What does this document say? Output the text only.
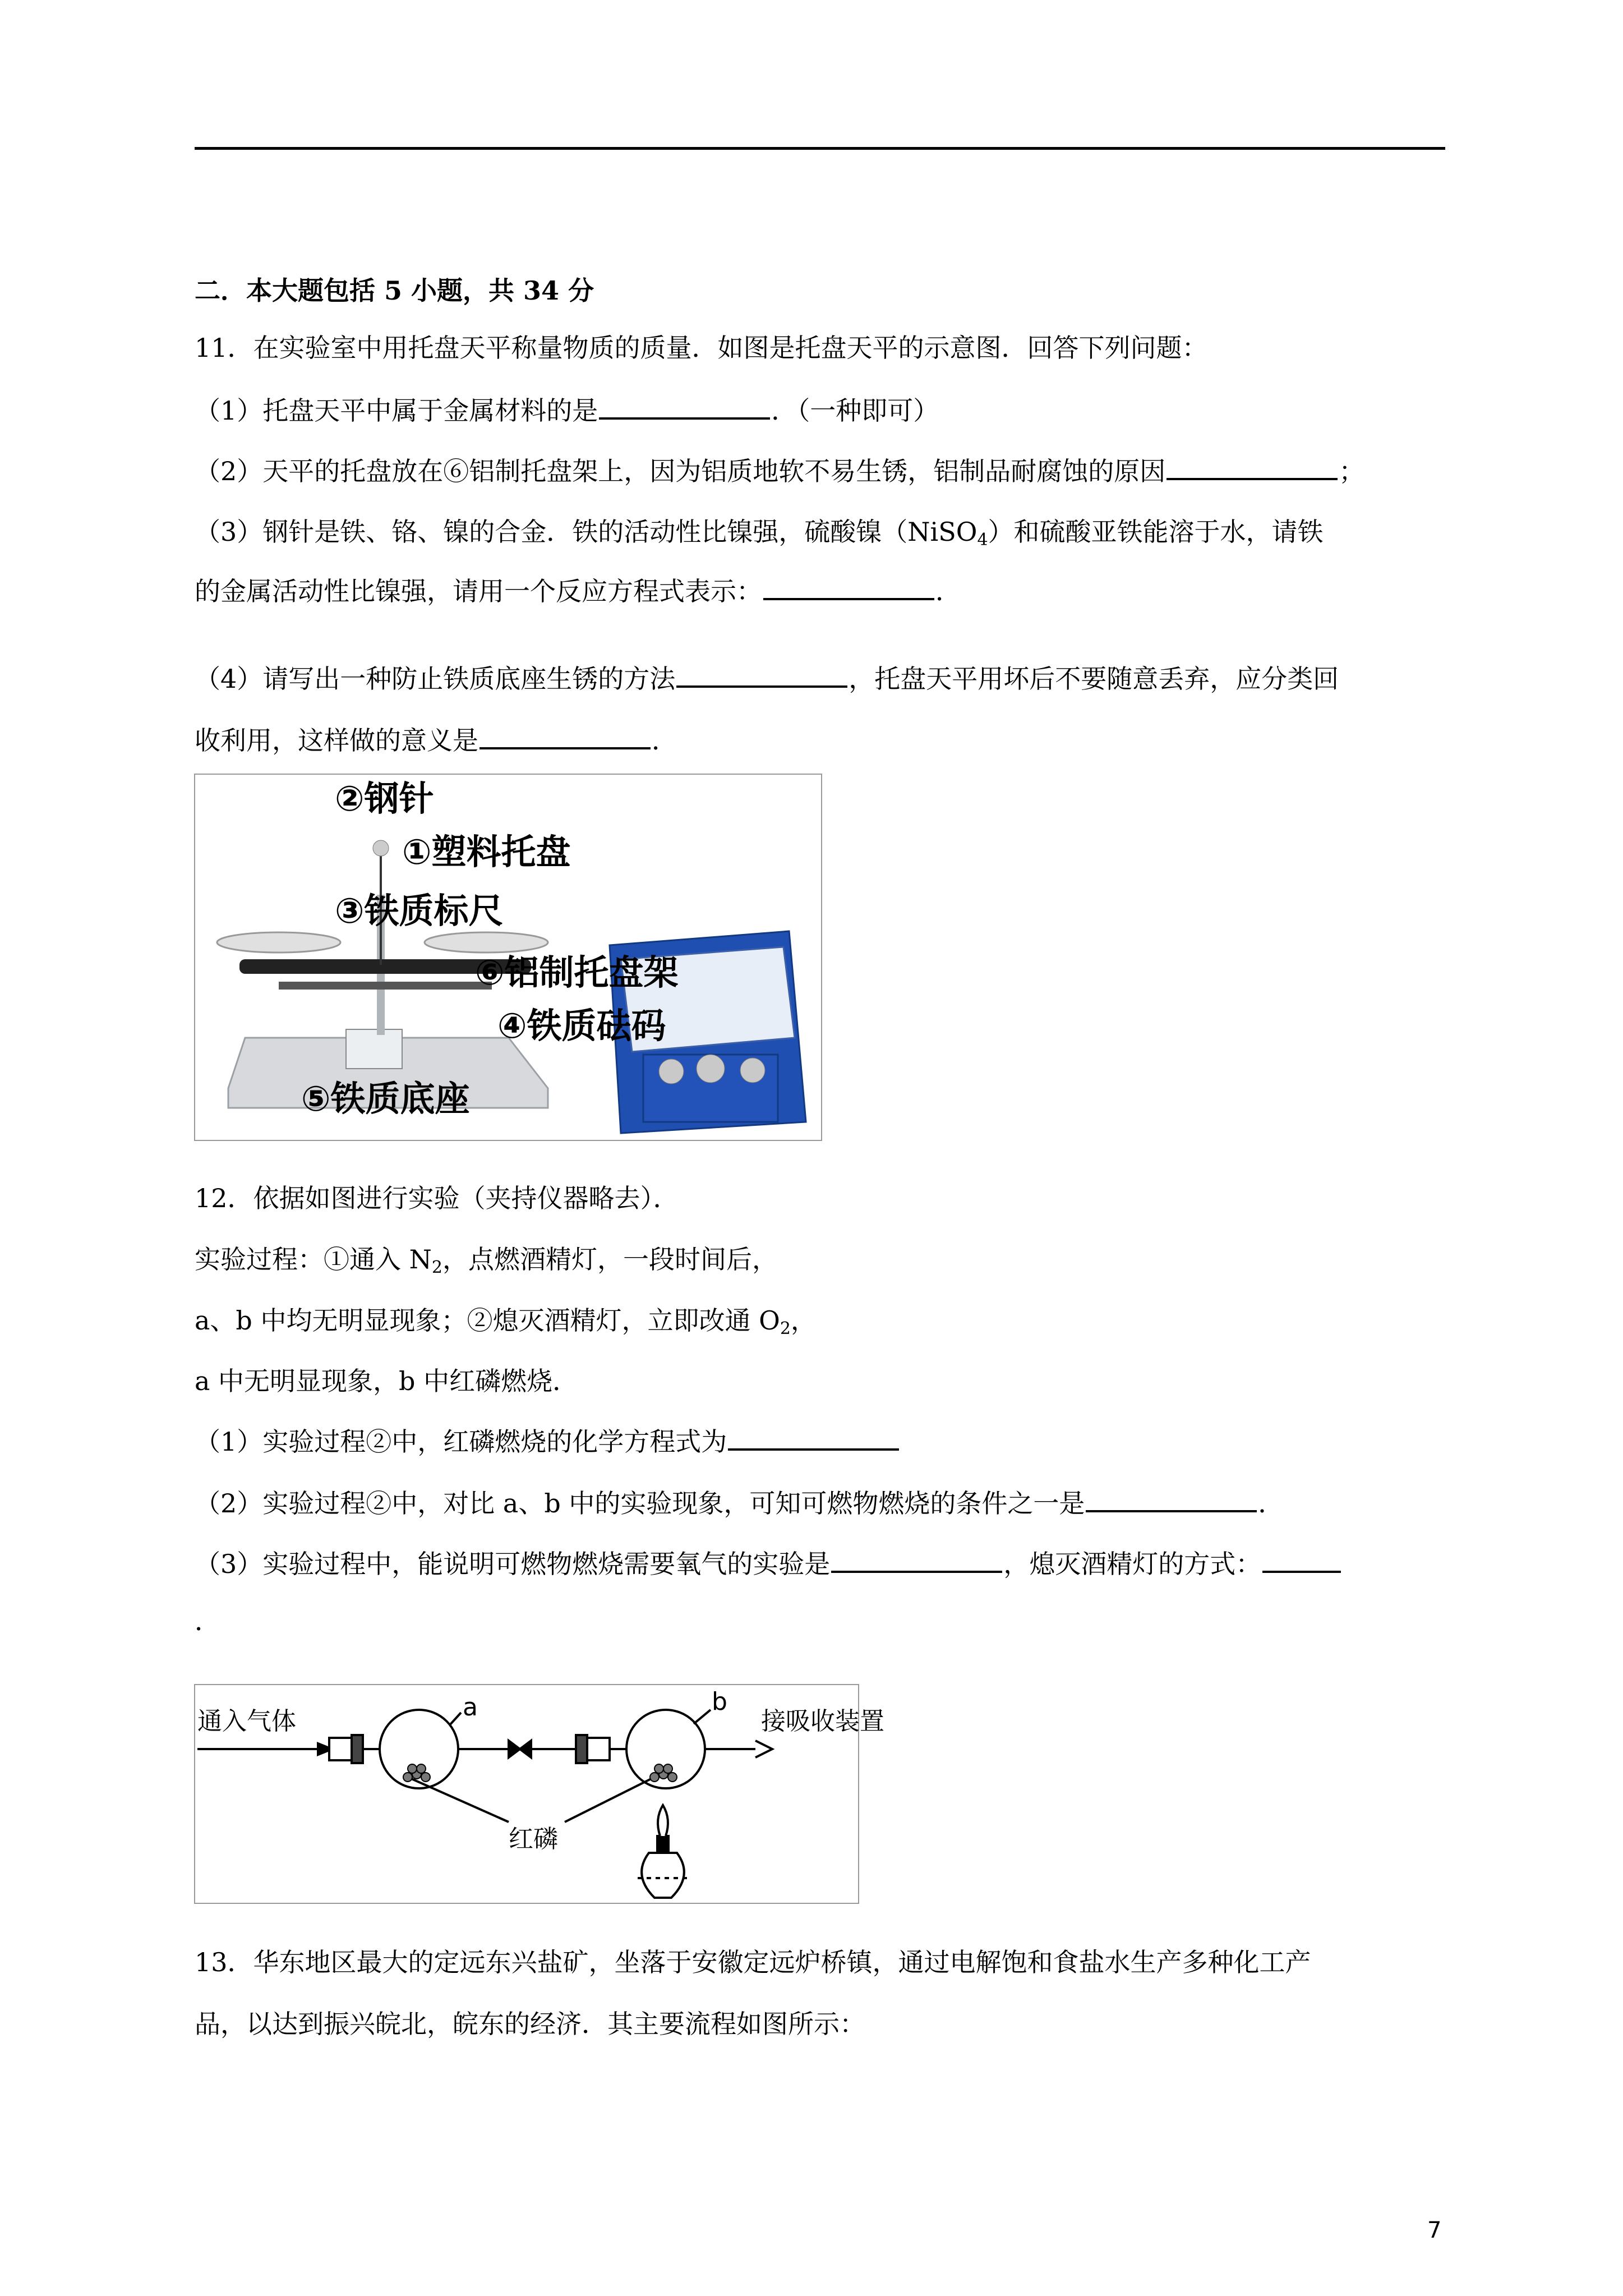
二．本大题包括 5 小题，共 34 分
11．在实验室中用托盘天平称量物质的质量．如图是托盘天平的示意图．回答下列问题：
（1）托盘天平中属于金属材料的是	．（一种即可）
（2）天平的托盘放在⑥铝制托盘架上，因为铝质地软不易生锈，铝制品耐腐蚀的原因	；
（3）钢针是铁、铬、镍的合金．铁的活动性比镍强，硫酸镍（NiSO$_4$）和硫酸亚铁能溶于水，请铁
的金属活动性比镍强，请用一个反应方程式表示：	．
（4）请写出一种防止铁质底座生锈的方法	，托盘天平用坏后不要随意丢弃，应分类回
收利用，这样做的意义是	．
②钢针
①塑料托盘
③铁质标尺
⑥铝制托盘架
④铁质砝码
⑤铁质底座
12．依据如图进行实验（夹持仪器略去）．
实验过程：①通入 $N_2$，点燃酒精灯，一段时间后，
a、b 中均无明显现象；②熄灭酒精灯，立即改通 $O_2$，
a 中无明显现象，b 中红磷燃烧．
（1）实验过程②中，红磷燃烧的化学方程式为
（2）实验过程②中，对比 a、b 中的实验现象，可知可燃物燃烧的条件之一是	．
（3）实验过程中，能说明可燃物燃烧需要氧气的实验是	，熄灭酒精灯的方式：
．
通入气体	接吸收装置
a	b
红磷
13．华东地区最大的定远东兴盐矿，坐落于安徽定远炉桥镇，通过电解饱和食盐水生产多种化工产
品，以达到振兴皖北，皖东的经济．其主要流程如图所示：
7
